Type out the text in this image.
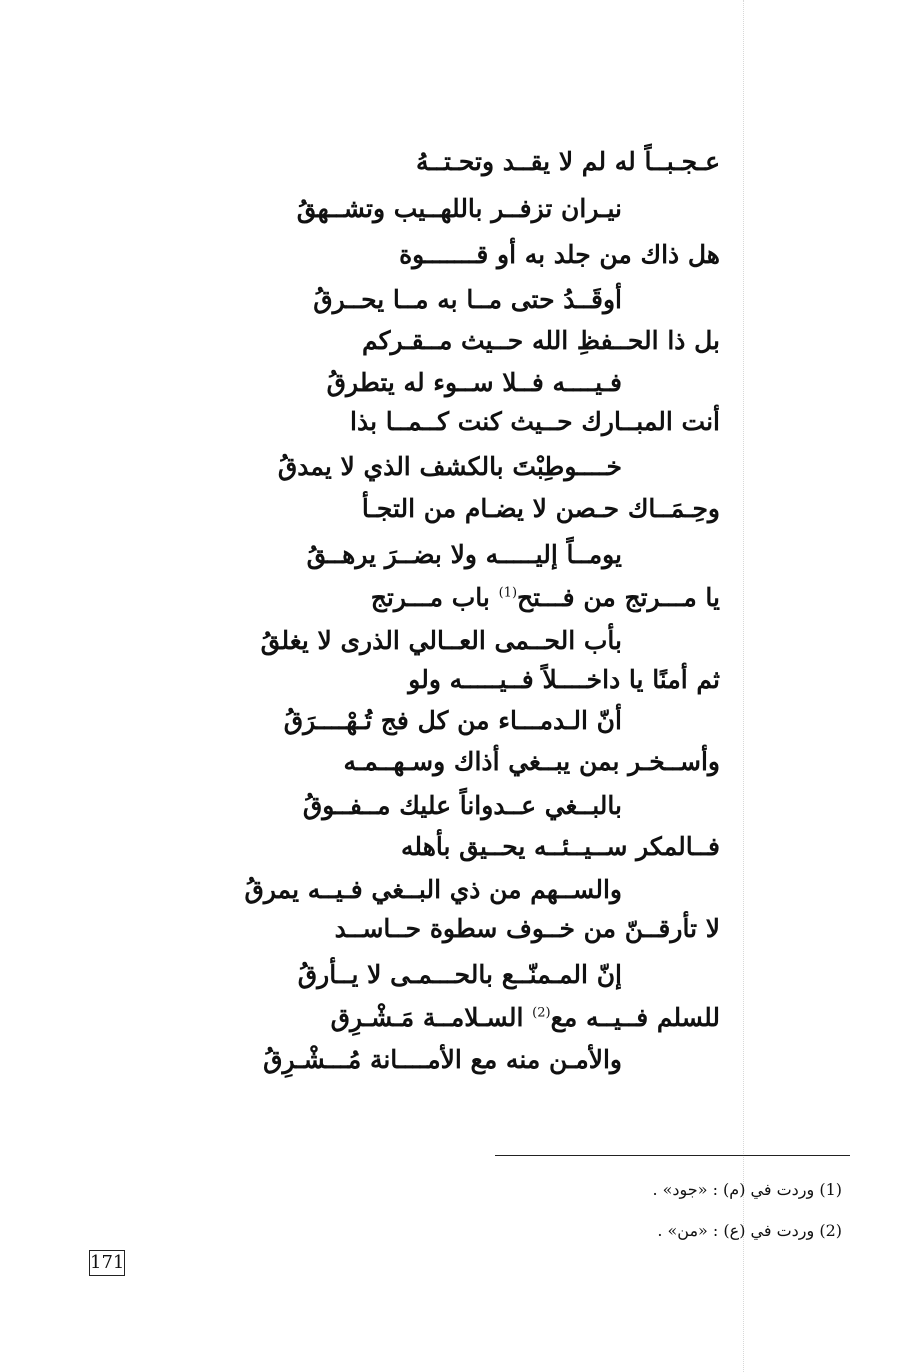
عـجـبــاً له لم لا يقــد وتحـتــهُ
نيـران تزفــر باللهــيب وتشــهقُ
هل ذاك من جلد به أو قـــــــوة
أوقَــدُ حتى مــا به مــا يحــرقُ
بل ذا الحــفظِ الله حــيث مــقـركم
فـيــــه فــلا ســوء له يتطرقُ
أنت المبــارك حــيث كنت كــمــا بذا
خــــوطِبْتَ بالكشف الذي لا يمدقُ
وحِـمَــاك حـصن لا يضـام من التجـأ
يومــاً إليـــــه ولا بضــرَ يرهــقُ
يا مـــرتج من فـــتح$^{(1)}$ باب مـــرتج
بأب الحــمى العــالي الذرى لا يغلقُ
ثم أمنًا يا داخــــلاً فــيـــــه ولو
أنّ الـدمـــاء من كل فج تُـهْــــرَقُ
وأســخـر بمن يبــغي أذاك وسـهــمـه
بالبــغي عــدواناً عليك مــفــوقُ
فــالمكر ســيــئــه يحــيق بأهله
والســهم من ذي البــغي فـيــه يمرقُ
لا تأرقــنّ من خــوف سطوة حــاســد
إنّ المـمنّــع بالحـــمـى لا يــأرقُ
للسلم فــيــه مع$^{(2)}$ السـلامــة مَـشْـرِق
والأمـن منه مع الأمــــانة مُـــشْـرِقُ
(1) وردت في (م) : «جود» .
(2) وردت في (ع) : «من» .
171
